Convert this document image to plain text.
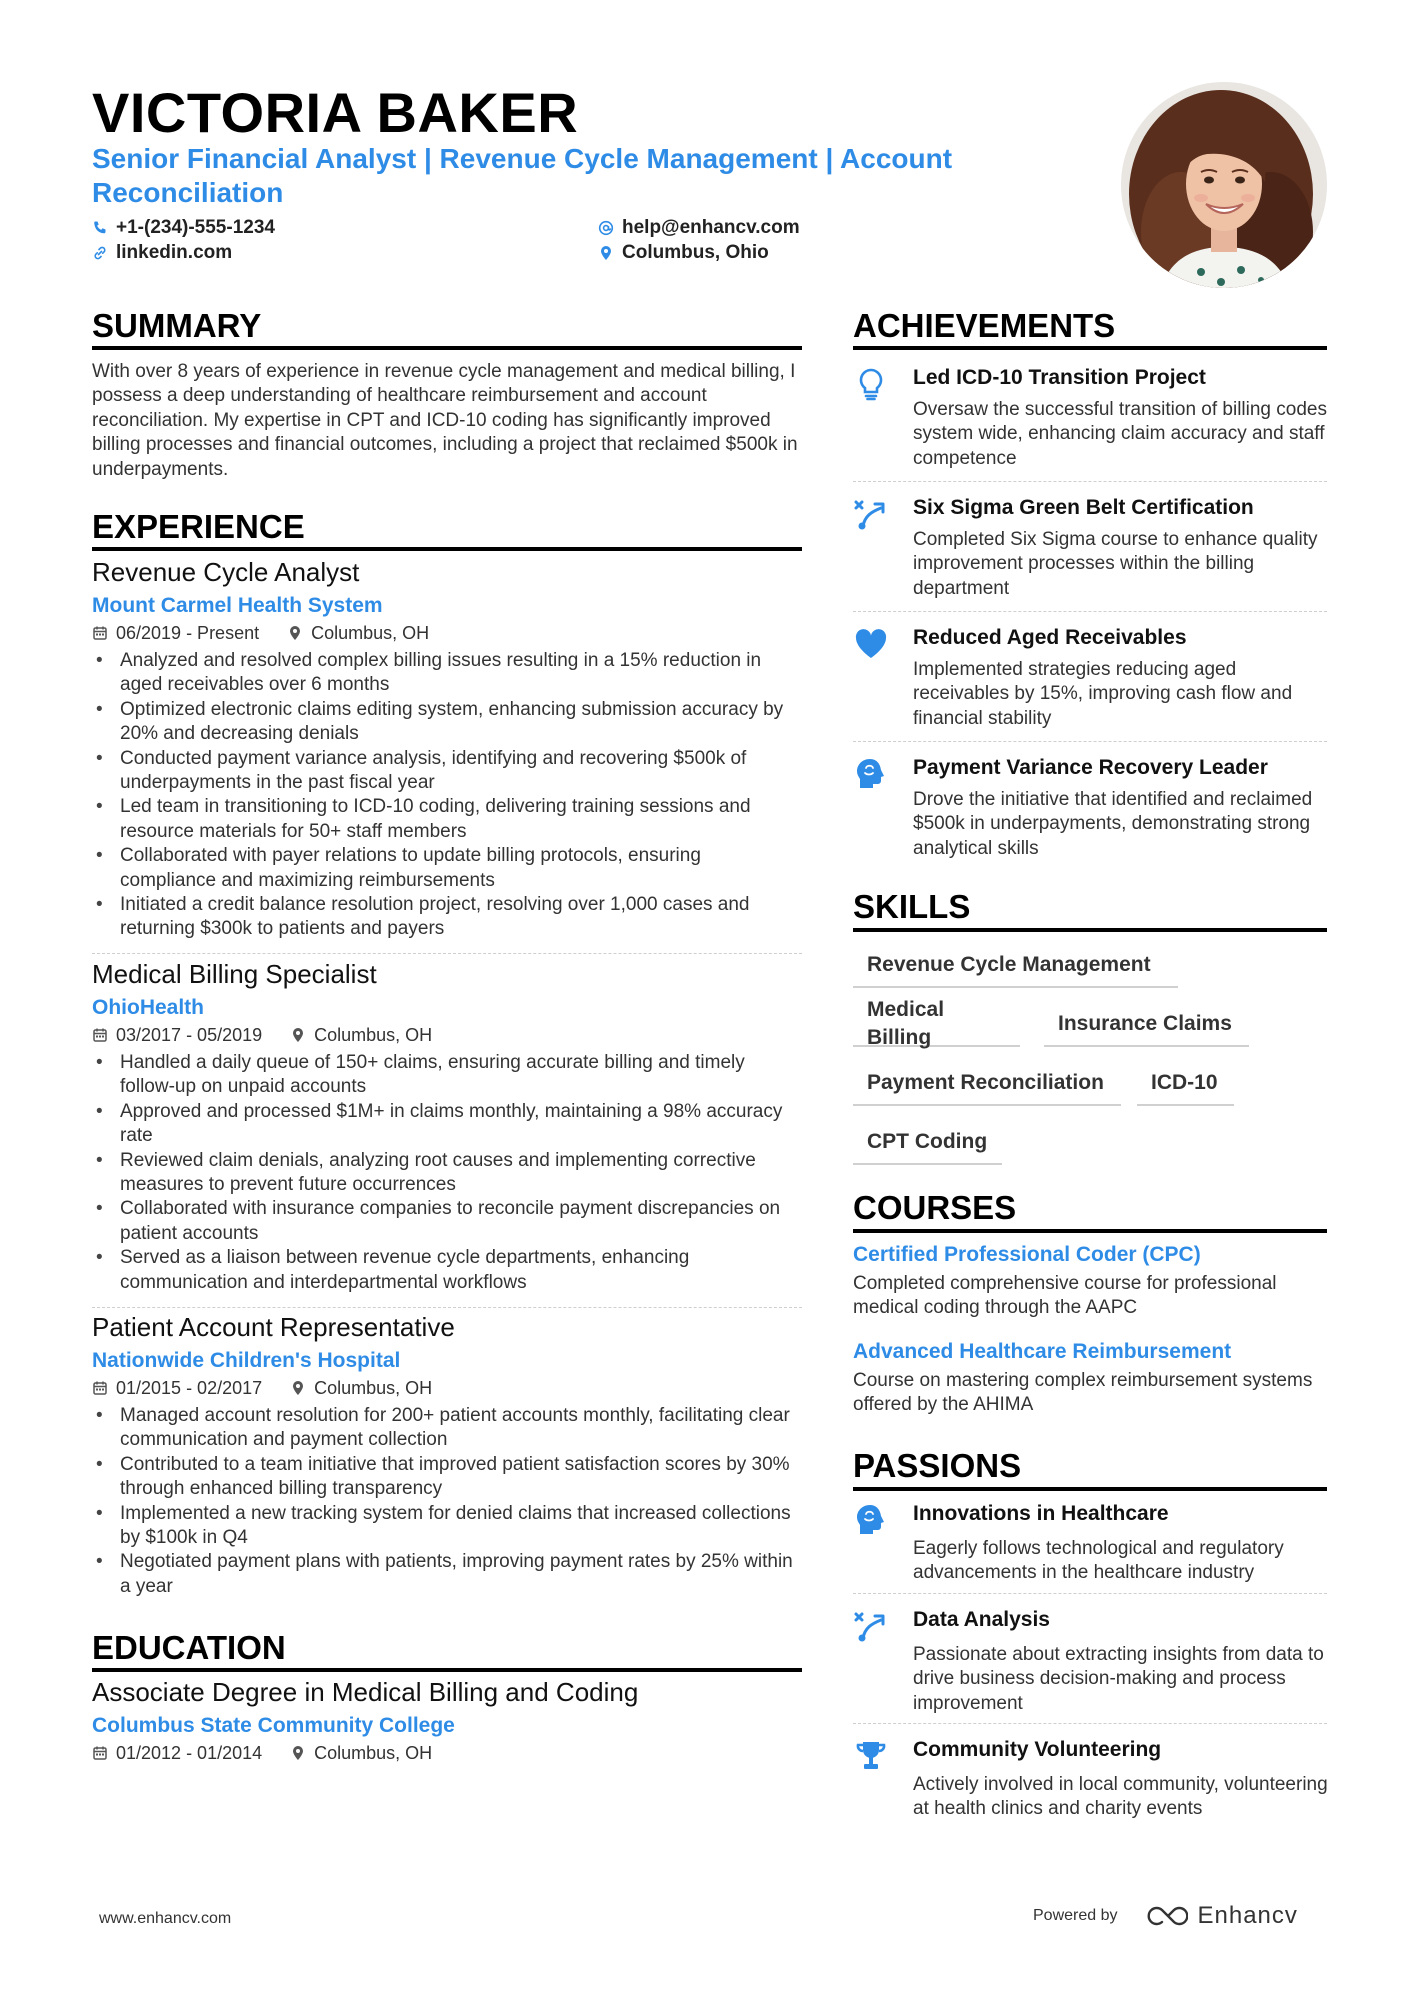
VICTORIA BAKER
Senior Financial Analyst | Revenue Cycle Management | Account Reconciliation
+1-(234)-555-1234	help@enhancv.com
linkedin.com	Columbus, Ohio
SUMMARY
With over 8 years of experience in revenue cycle management and medical billing, I possess a deep understanding of healthcare reimbursement and account reconciliation. My expertise in CPT and ICD-10 coding has significantly improved billing processes and financial outcomes, including a project that reclaimed $500k in underpayments.
EXPERIENCE
Revenue Cycle Analyst
Mount Carmel Health System
06/2019 - Present	Columbus, OH
• Analyzed and resolved complex billing issues resulting in a 15% reduction in aged receivables over 6 months
• Optimized electronic claims editing system, enhancing submission accuracy by 20% and decreasing denials
• Conducted payment variance analysis, identifying and recovering $500k of underpayments in the past fiscal year
• Led team in transitioning to ICD-10 coding, delivering training sessions and resource materials for 50+ staff members
• Collaborated with payer relations to update billing protocols, ensuring compliance and maximizing reimbursements
• Initiated a credit balance resolution project, resolving over 1,000 cases and returning $300k to patients and payers
Medical Billing Specialist
OhioHealth
03/2017 - 05/2019	Columbus, OH
• Handled a daily queue of 150+ claims, ensuring accurate billing and timely follow-up on unpaid accounts
• Approved and processed $1M+ in claims monthly, maintaining a 98% accuracy rate
• Reviewed claim denials, analyzing root causes and implementing corrective measures to prevent future occurrences
• Collaborated with insurance companies to reconcile payment discrepancies on patient accounts
• Served as a liaison between revenue cycle departments, enhancing communication and interdepartmental workflows
Patient Account Representative
Nationwide Children's Hospital
01/2015 - 02/2017	Columbus, OH
• Managed account resolution for 200+ patient accounts monthly, facilitating clear communication and payment collection
• Contributed to a team initiative that improved patient satisfaction scores by 30% through enhanced billing transparency
• Implemented a new tracking system for denied claims that increased collections by $100k in Q4
• Negotiated payment plans with patients, improving payment rates by 25% within a year
EDUCATION
Associate Degree in Medical Billing and Coding
Columbus State Community College
01/2012 - 01/2014	Columbus, OH
ACHIEVEMENTS
Led ICD-10 Transition Project
Oversaw the successful transition of billing codes system wide, enhancing claim accuracy and staff competence
Six Sigma Green Belt Certification
Completed Six Sigma course to enhance quality improvement processes within the billing department
Reduced Aged Receivables
Implemented strategies reducing aged receivables by 15%, improving cash flow and financial stability
Payment Variance Recovery Leader
Drove the initiative that identified and reclaimed $500k in underpayments, demonstrating strong analytical skills
SKILLS
Revenue Cycle Management
Medical Billing
Insurance Claims
Payment Reconciliation	ICD-10
CPT Coding
COURSES
Certified Professional Coder (CPC)
Completed comprehensive course for professional medical coding through the AAPC
Advanced Healthcare Reimbursement
Course on mastering complex reimbursement systems offered by the AHIMA
PASSIONS
Innovations in Healthcare
Eagerly follows technological and regulatory advancements in the healthcare industry
Data Analysis
Passionate about extracting insights from data to drive business decision-making and process improvement
Community Volunteering
Actively involved in local community, volunteering at health clinics and charity events
www.enhancv.com	Powered by	Enhancv
